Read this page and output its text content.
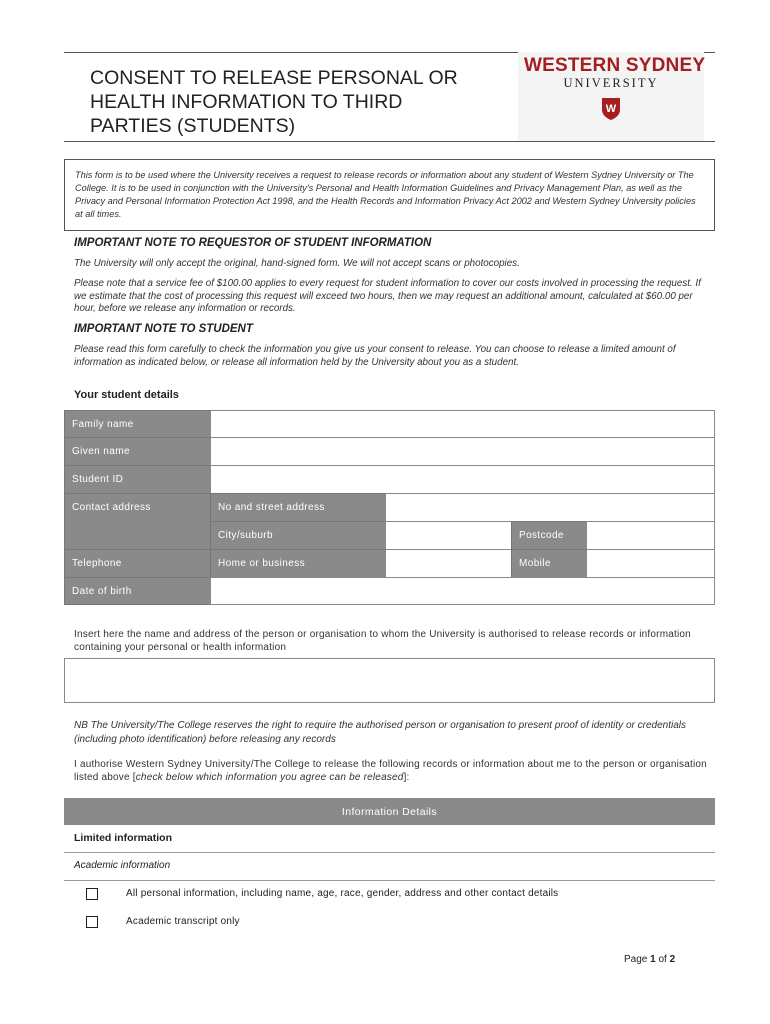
CONSENT TO RELEASE PERSONAL OR
HEALTH INFORMATION TO THIRD
PARTIES (STUDENTS)
WESTERN SYDNEY
UNIVERSITY
W

This form is to be used where the University receives a request to release records or information about any student of Western Sydney University or The College. It is to be used in conjunction with the University's Personal and Health Information Guidelines and Privacy Management Plan, as well as the Privacy and Personal Information Protection Act 1998, and the Health Records and Information Privacy Act 2002 and Western Sydney University policies at all times.

IMPORTANT NOTE TO REQUESTOR OF STUDENT INFORMATION

The University will only accept the original, hand-signed form. We will not accept scans or photocopies.

Please note that a service fee of $100.00 applies to every request for student information to cover our costs involved in processing the request. If we estimate that the cost of processing this request will exceed two hours, then we may request an additional amount, calculated at $60.00 per hour, before we release any information or records.

IMPORTANT NOTE TO STUDENT

Please read this form carefully to check the information you give us your consent to release. You can choose to release a limited amount of information as indicated below, or release all information held by the University about you as a student.

Your student details
Family name
Given name
Student ID
Contact address	No and street address
City/suburb	Postcode
Telephone	Home or business	Mobile
Date of birth

Insert here the name and address of the person or organisation to whom the University is authorised to release records or information containing your personal or health information

NB The University/The College reserves the right to require the authorised person or organisation to present proof of identity or credentials (including photo identification) before releasing any records

I authorise Western Sydney University/The College to release the following records or information about me to the person or organisation listed above [check below which information you agree can be released]:

Information Details
Limited information
Academic information
All personal information, including name, age, race, gender, address and other contact details
Academic transcript only
Page 1 of 2
